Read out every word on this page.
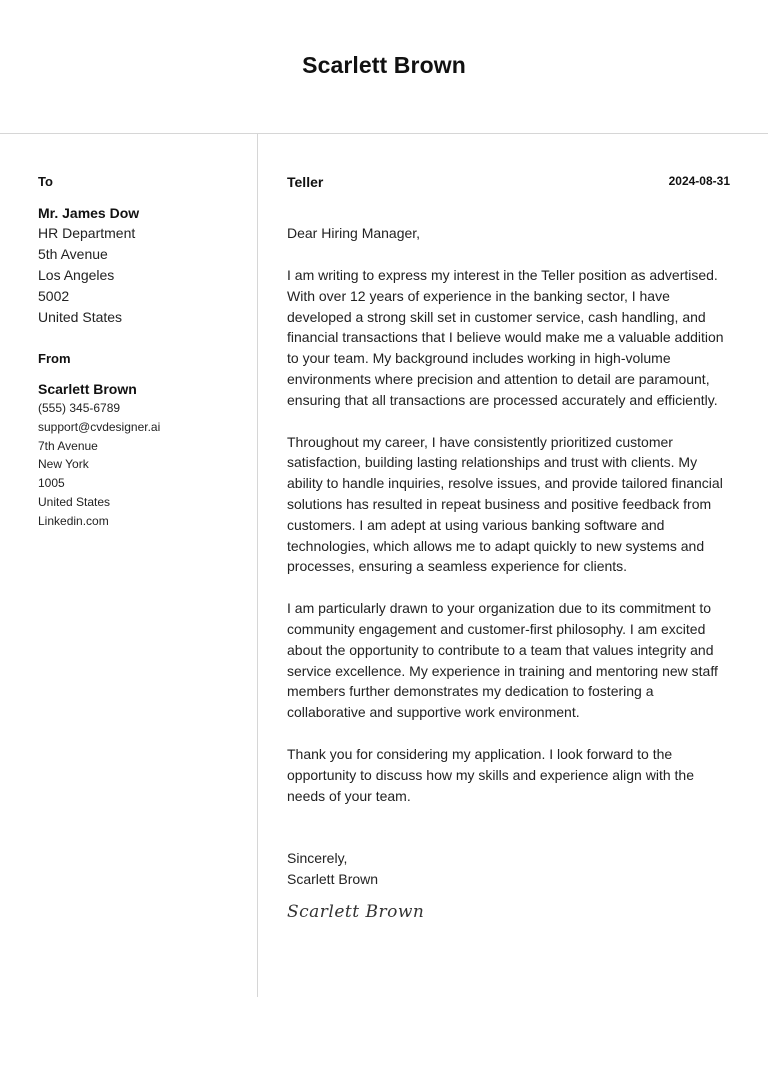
Scarlett Brown
To
Mr. James Dow
HR Department
5th Avenue
Los Angeles
5002
United States
From
Scarlett Brown
(555) 345-6789
support@cvdesigner.ai
7th Avenue
New York
1005
United States
Linkedin.com
Teller	2024-08-31
Dear Hiring Manager,
I am writing to express my interest in the Teller position as advertised. With over 12 years of experience in the banking sector, I have developed a strong skill set in customer service, cash handling, and financial transactions that I believe would make me a valuable addition to your team. My background includes working in high-volume environments where precision and attention to detail are paramount, ensuring that all transactions are processed accurately and efficiently.
Throughout my career, I have consistently prioritized customer satisfaction, building lasting relationships and trust with clients. My ability to handle inquiries, resolve issues, and provide tailored financial solutions has resulted in repeat business and positive feedback from customers. I am adept at using various banking software and technologies, which allows me to adapt quickly to new systems and processes, ensuring a seamless experience for clients.
I am particularly drawn to your organization due to its commitment to community engagement and customer-first philosophy. I am excited about the opportunity to contribute to a team that values integrity and service excellence. My experience in training and mentoring new staff members further demonstrates my dedication to fostering a collaborative and supportive work environment.
Thank you for considering my application. I look forward to the opportunity to discuss how my skills and experience align with the needs of your team.
Sincerely,
Scarlett Brown
Scarlett Brown
